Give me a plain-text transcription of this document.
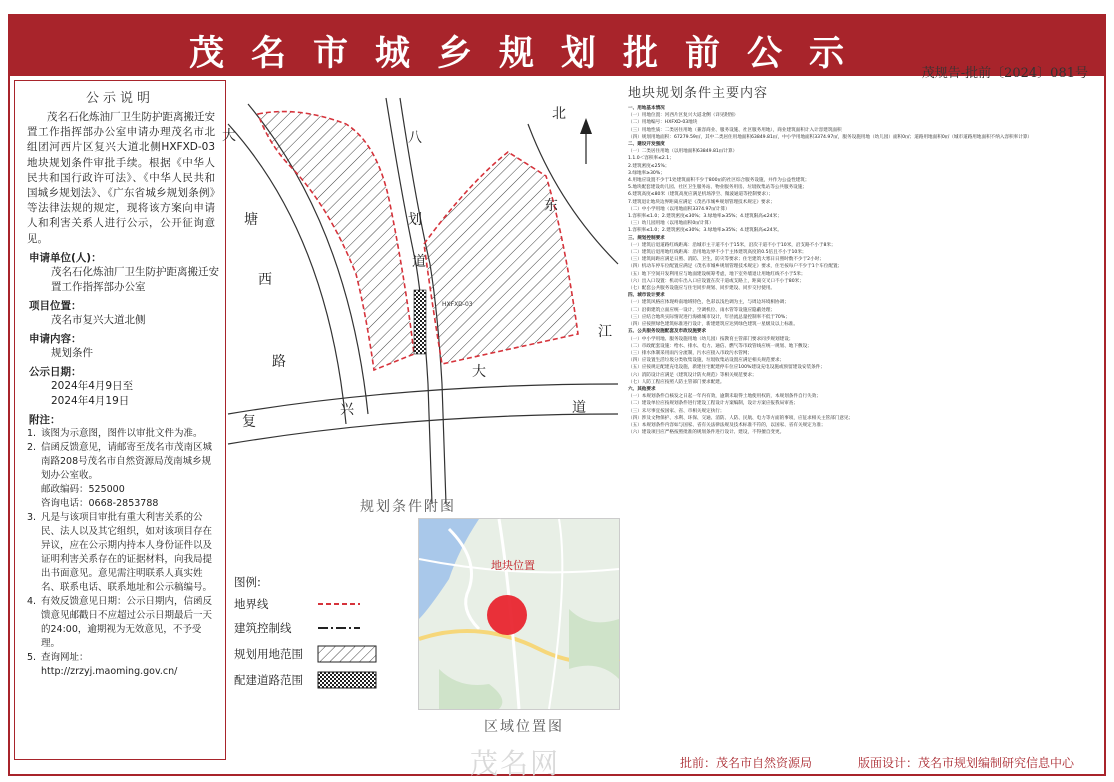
茂名市城乡规划批前公示	茂规告-批前〔2024〕081号
公示说明
茂名石化炼油厂卫生防护距离搬迁安置工作指挥部办公室申请办理茂名市北组团河西片区复兴大道北侧HXFXD-03地块规划条件审批手续。根据《中华人民共和国行政许可法》、《中华人民共和国城乡规划法》、《广东省城乡规划条例》等法律法规的规定，现将该方案向申请人和利害关系人进行公示，公开征询意见。
申请单位(人)：
茂名石化炼油厂卫生防护距离搬迁安置工作指挥部办公室
项目位置：
茂名市复兴大道北侧
申请内容：
规划条件
公示日期：
2024年4月9日至
2024年4月19日
附注：
1. 该图为示意图，图件以审批文件为准。
2. 信函反馈意见，请邮寄至茂名市茂南区城南路208号茂名市自然资源局茂南城乡规划办公室收。
邮政编码：525000
咨询电话：0668-2853788
3. 凡是与该项目审批有重大利害关系的公民、法人以及其它组织，如对该项目存在异议，应在公示期内持本人身份证件以及证明利害关系存在的证据材料，向我局提出书面意见。意见需注明联系人真实姓名、联系电话、联系地址和公示稿编号。
4. 有效反馈意见日期：公示日期内，信函反馈意见邮戳日不应超过公示日期最后一天的24:00，逾期视为无效意见，不予受理。
5. 查询网址：
http://zrzyj.maoming.gov.cn/
北
HXFXD-03
大
塘
西
路
八
划
道
东
江
复
兴
大
道
规划条件附图
图例:
地界线
建筑控制线
规划用地范围
配建道路范围
地块位置
区域位置图
地块规划条件主要内容
一、用地基本情况
（一）用地位置：河西片区复兴大道北侧（详见附图）
（二）用地编号：HXFXD-03地块
（三）用地性质：二类居住用地（兼容商业、服务设施、社区服务用地），商业建筑面积计入计容建筑面积
（四）规划用地面积：67279.59㎡，其中二类居住用地面积63849.81㎡，中小学用地面积3374.97㎡，服务设施用地（幼儿园）面积0㎡；道路用地面积0㎡（城市道路用地面积不纳入容积率计算）
二、建设开发强度
（一）二类居住用地（以用地面积63849.81㎡计算）
1.1.0＜容积率≤2.1；
2.建筑密度≤25%；
3.绿地率≥30%；
4.用地应设置不少于1处建筑面积不少于800㎡的社区综合服务设施，并作为公益性建筑；
5.地块配套建设幼儿园、社区卫生服务站、物业服务用房、垃圾收集站等公共服务设施；
6.建筑高度≤80米（建筑高度应满足机场净空、微波通道等控制要求）；
7.建筑退让地块边界距离应满足《茂名市城乡规划管理技术规定》要求；
（二）中小学用地（以用地面积3374.97㎡计算）
1.容积率≤1.0；2.建筑密度≤30%；3.绿地率≥35%；4.建筑限高≤24米；
（三）幼儿园用地（以用地面积0㎡计算）
1.容积率≤1.0；2.建筑密度≤30%；3.绿地率≥35%；4.建筑限高≤24米。
三、规划控制要求
（一）建筑后退道路红线距离：沿城市主干道不小于15米，沿次干道不小于10米，沿支路不小于8米；
（二）建筑后退用地红线距离：沿用地边界不小于主体建筑高度的0.5倍且不小于10米；
（三）建筑间距应满足日照、消防、卫生、防灾等要求；住宅建筑大寒日日照时数不少于2小时；
（四）机动车停车位配置应满足《茂名市城乡规划管理技术规定》要求，住宅按每户不少于1个车位配置；
（五）地下空间开发利用应与地面建设统筹考虑，地下室外墙退让用地红线不小于5米；
（六）出入口设置：机动车出入口应设置在次干道或支路上，距离交叉口不小于80米；
（七）配套公共服务设施应与住宅同步规划、同步建设、同步交付使用。
四、城市设计要求
（一）建筑风格应体现岭南地域特色，色彩以浅色调为主，与周边环境相协调；
（二）沿街建筑立面应统一设计，空调机位、雨水管等设施应隐蔽处理；
（三）应结合地块实际情况进行海绵城市设计，年径流总量控制率不低于70%；
（四）应按照绿色建筑标准进行设计，新建建筑应达到绿色建筑一星级及以上标准。
五、公共服务设施配套及市政设施要求
（一）中小学用地、服务设施用地（幼儿园）按教育主管部门要求同步规划建设；
（二）市政配套设施：给水、排水、电力、通信、燃气等市政管线应统一规划、地下敷设；
（三）排水体制采用雨污分流制，污水应接入市政污水管网；
（四）应设置生活垃圾分类收集设施，垃圾收集站设置应满足相关规范要求；
（五）应按规定配建充电设施，新建住宅配建停车位应100%建设充电设施或预留建设安装条件；
（六）消防设计应满足《建筑设计防火规范》等相关规范要求；
（七）人防工程应按照人防主管部门要求配建。
六、其他要求
（一）本规划条件自核发之日起一年内有效，逾期未取得土地使用权的，本规划条件自行失效；
（二）建设单位应按规划条件进行建设工程设计方案编制，设计方案应报我局审查；
（三）未尽事宜按国家、省、市相关规定执行；
（四）涉及文物保护、水利、环保、交通、消防、人防、民航、电力等方面的事项，应征求相关主管部门意见；
（五）本规划条件内容如与国家、省有关法律法规及技术标准不符的，以国家、省有关规定为准；
（六）建设项目应严格按照批准的规划条件进行设计、建设，不得擅自变更。
批前：茂名市自然资源局	版面设计：茂名市规划编制研究信息中心
茂名网
